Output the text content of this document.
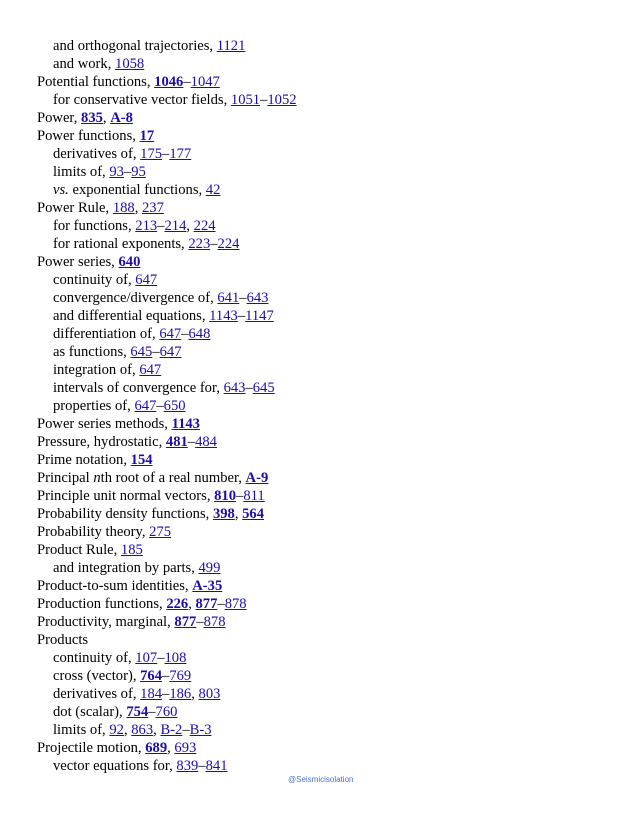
and orthogonal trajectories, 1121
and work, 1058
Potential functions, 1046–1047
for conservative vector fields, 1051–1052
Power, 835, A-8
Power functions, 17
derivatives of, 175–177
limits of, 93–95
vs. exponential functions, 42
Power Rule, 188, 237
for functions, 213–214, 224
for rational exponents, 223–224
Power series, 640
continuity of, 647
convergence/divergence of, 641–643
and differential equations, 1143–1147
differentiation of, 647–648
as functions, 645–647
integration of, 647
intervals of convergence for, 643–645
properties of, 647–650
Power series methods, 1143
Pressure, hydrostatic, 481–484
Prime notation, 154
Principal nth root of a real number, A-9
Principle unit normal vectors, 810–811
Probability density functions, 398, 564
Probability theory, 275
Product Rule, 185
and integration by parts, 499
Product-to-sum identities, A-35
Production functions, 226, 877–878
Productivity, marginal, 877–878
Products
continuity of, 107–108
cross (vector), 764–769
derivatives of, 184–186, 803
dot (scalar), 754–760
limits of, 92, 863, B-2–B-3
Projectile motion, 689, 693
vector equations for, 839–841
@Seismicisolation
